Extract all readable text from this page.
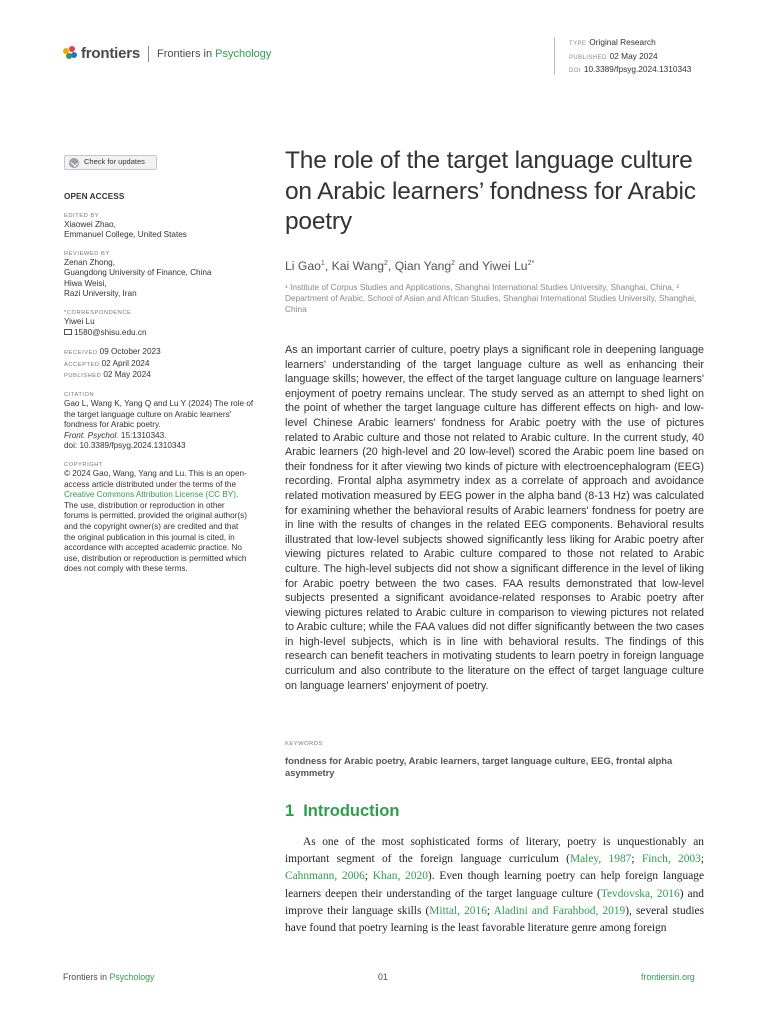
frontiers Frontiers in Psychology
TYPE Original Research
PUBLISHED 02 May 2024
DOI 10.3389/fpsyg.2024.1310343
Check for updates
OPEN ACCESS
EDITED BY
Xiaowei Zhao,
Emmanuel College, United States
REVIEWED BY
Zenan Zhong,
Guangdong University of Finance, China
Hiwa Weisi,
Razi University, Iran
*CORRESPONDENCE
Yiwei Lu
1580@shisu.edu.cn
RECEIVED 09 October 2023
ACCEPTED 02 April 2024
PUBLISHED 02 May 2024
CITATION
Gao L, Wang K, Yang Q and Lu Y (2024) The role of the target language culture on Arabic learners' fondness for Arabic poetry.
Front. Psychol. 15:1310343.
doi: 10.3389/fpsyg.2024.1310343
COPYRIGHT
© 2024 Gao, Wang, Yang and Lu. This is an open-access article distributed under the terms of the Creative Commons Attribution License (CC BY). The use, distribution or reproduction in other forums is permitted, provided the original author(s) and the copyright owner(s) are credited and that the original publication in this journal is cited, in accordance with accepted academic practice. No use, distribution or reproduction is permitted which does not comply with these terms.
The role of the target language culture on Arabic learners’ fondness for Arabic poetry
Li Gao$^1$, Kai Wang$^2$, Qian Yang$^2$ and Yiwei $Lu^{2*}$
¹ Institute of Corpus Studies and Applications, Shanghai International Studies University, Shanghai, China, ² Department of Arabic, School of Asian and African Studies, Shanghai International Studies University, Shanghai, China

As an important carrier of culture, poetry plays a significant role in deepening language learners' understanding of the target language culture as well as enhancing their language skills; however, the effect of the target language culture on language learners' enjoyment of poetry remains unclear. The study served as an attempt to shed light on the point of whether the target language culture has different effects on high- and low-level Chinese Arabic learners' fondness for Arabic poetry with the use of pictures related to Arabic culture and those not related to Arabic culture. In the current study, 40 Arabic learners (20 high-level and 20 low-level) scored the Arabic poem line based on their fondness for it after viewing two kinds of picture with electroencephalogram (EEG) recording. Frontal alpha asymmetry index as a correlate of approach and avoidance related motivation measured by EEG power in the alpha band (8-13 Hz) was calculated for examining whether the behavioral results of Arabic learners' fondness for poetry are in line with the results of changes in the related EEG components. Behavioral results illustrated that low-level subjects showed significantly less liking for Arabic poetry after viewing pictures related to Arabic culture compared to those not related to Arabic culture. The high-level subjects did not show a significant difference in the level of liking for Arabic poetry between the two cases. FAA results demonstrated that low-level subjects presented a significant avoidance-related responses to Arabic poetry after viewing pictures related to Arabic culture in comparison to viewing pictures not related to Arabic culture; while the FAA values did not differ significantly between the two cases in high-level subjects, which is in line with behavioral results. The findings of this research can benefit teachers in motivating students to learn poetry in foreign language curriculum and also contribute to the literature on the effect of target language culture on language learners' enjoyment of poetry.

KEYWORDS
fondness for Arabic poetry, Arabic learners, target language culture, EEG, frontal alpha asymmetry
1 Introduction

As one of the most sophisticated forms of literary, poetry is unquestionably an important segment of the foreign language curriculum (Maley, 1987; Finch, 2003; Cahnmann, 2006; Khan, 2020). Even though learning poetry can help foreign language learners deepen their understanding of the target language culture (Tevdovska, 2016) and improve their language skills (Mittal, 2016; Aladini and Farahbod, 2019), several studies have found that poetry learning is the least favorable literature genre among foreign

Frontiers in Psychology	01	frontiersin.org
